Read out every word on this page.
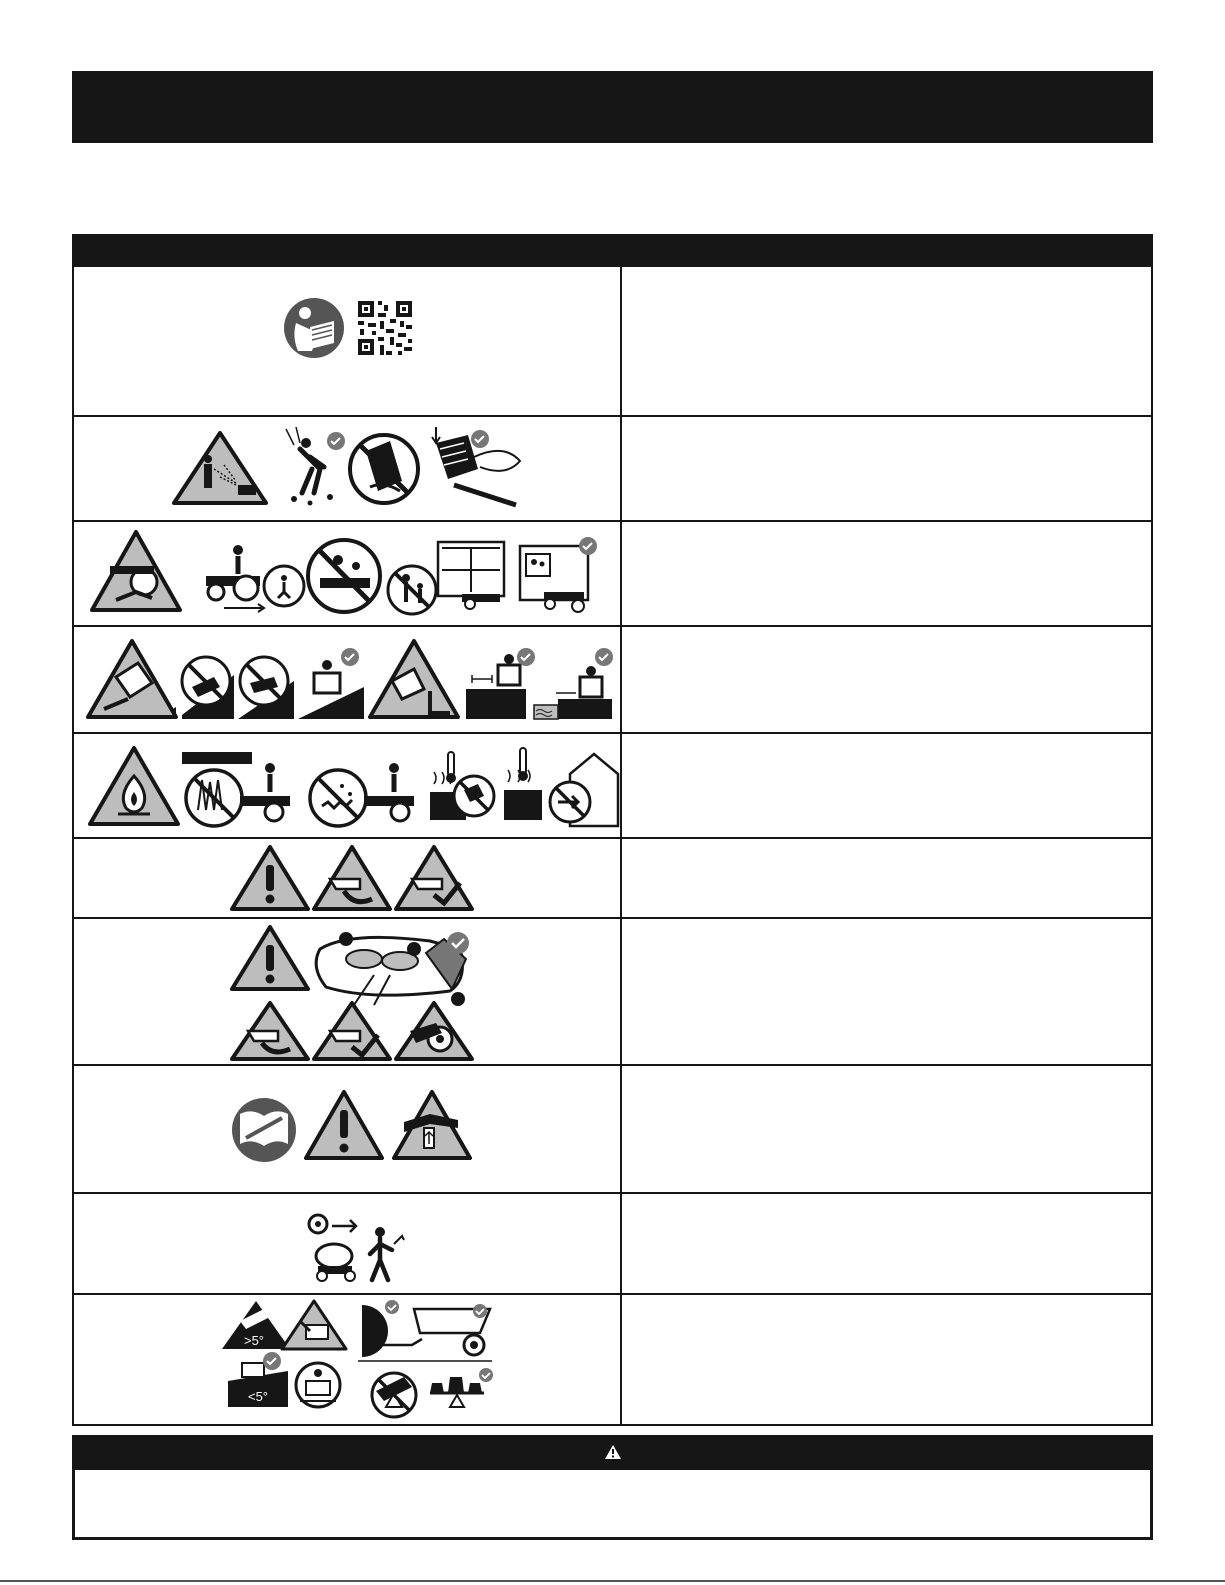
>5°
<5°
